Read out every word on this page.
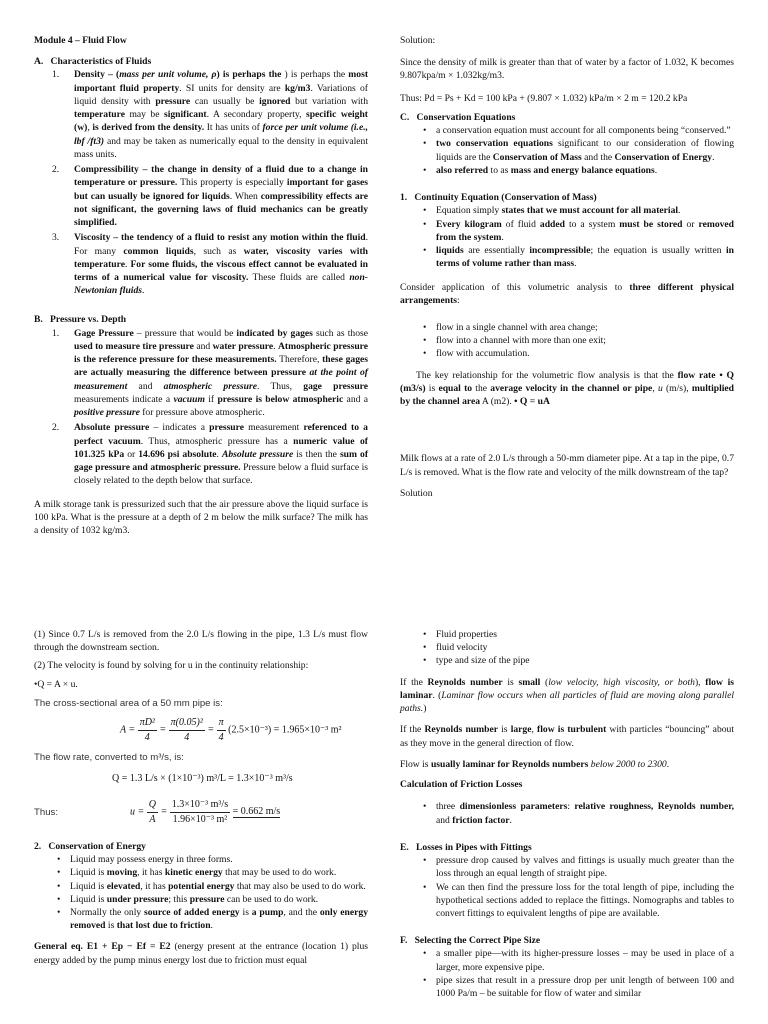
Module 4 – Fluid Flow

A. Characteristics of Fluids

1. Density – (mass per unit volume, ρ) is perhaps the ) is perhaps the most important fluid property. SI units for density are kg/m3. Variations of liquid density with pressure can usually be ignored but variation with temperature may be significant. A secondary property, specific weight (w), is derived from the density. It has units of force per unit volume (i.e., lbf /ft3) and may be taken as numerically equal to the density in equivalent mass units.
2. Compressibility – the change in density of a fluid due to a change in temperature or pressure. This property is especially important for gases but can usually be ignored for liquids. When compressibility effects are not significant, the governing laws of fluid mechanics can be greatly simplified.
3. Viscosity – the tendency of a fluid to resist any motion within the fluid. For many common liquids, such as water, viscosity varies with temperature. For some fluids, the viscous effect cannot be evaluated in terms of a numerical value for viscosity. These fluids are called non-Newtonian fluids.

B. Pressure vs. Depth

1. Gage Pressure – pressure that would be indicated by gages such as those used to measure tire pressure and water pressure. Atmospheric pressure is the reference pressure for these measurements. Therefore, these gages are actually measuring the difference between pressure at the point of measurement and atmospheric pressure. Thus, gage pressure measurements indicate a vacuum if pressure is below atmospheric and a positive pressure for pressure above atmospheric.
2. Absolute pressure – indicates a pressure measurement referenced to a perfect vacuum. Thus, atmospheric pressure has a numeric value of 101.325 kPa or 14.696 psi absolute. Absolute pressure is then the sum of gage pressure and atmospheric pressure. Pressure below a fluid surface is closely related to the depth below that surface.

A milk storage tank is pressurized such that the air pressure above the liquid surface is 100 kPa. What is the pressure at a depth of 2 m below the milk surface? The milk has a density of 1032 kg/m3.

Solution:

Since the density of milk is greater than that of water by a factor of 1.032, K becomes 9.807kpa/m × 1.032kg/m3.

Thus: Pd = Ps + Kd = 100 kPa + (9.807 × 1.032) kPa/m × 2 m = 120.2 kPa

C. Conservation Equations

• a conservation equation must account for all components being “conserved.”
• two conservation equations significant to our consideration of flowing liquids are the Conservation of Mass and the Conservation of Energy.
• also referred to as mass and energy balance equations.

1. Continuity Equation (Conservation of Mass)

• Equation simply states that we must account for all material.
• Every kilogram of fluid added to a system must be stored or removed from the system.
• liquids are essentially incompressible; the equation is usually written in terms of volume rather than mass.

Consider application of this volumetric analysis to three different physical arrangements:

• flow in a single channel with area change;
• flow into a channel with more than one exit;
• flow with accumulation.

The key relationship for the volumetric flow analysis is that the flow rate • Q (m3/s) is equal to the average velocity in the channel or pipe, u (m/s), multiplied by the channel area A (m2). • Q = uA

Milk flows at a rate of 2.0 L/s through a 50-mm diameter pipe. At a tap in the pipe, 0.7 L/s is removed. What is the flow rate and velocity of the milk downstream of the tap?

Solution

(1) Since 0.7 L/s is removed from the 2.0 L/s flowing in the pipe, 1.3 L/s must flow through the downstream section.

(2) The velocity is found by solving for u in the continuity relationship:

•Q = A × u.

The cross-sectional area of a 50 mm pipe is:

$A = \frac{\text{πD²}}{4} = \frac{\text{π(0.05)²}}{4} = \frac{\pi}{4} (2.5\times 10^{-3}) = 1.965\times 10^{-3}$ m²

The flow rate, converted to m³/s, is:

Q = 1.3 L/s × (1×10⁻³) m³/L = 1.3×10⁻³ m³/s
Thus:	$u = \frac{Q}{A} = \frac{\text{1.3×10⁻³ m³/s}}{\text{1.96×10⁻³ m²}} = 0.662$ m/s

2. Conservation of Energy

• Liquid may possess energy in three forms.
• Liquid is moving, it has kinetic energy that may be used to do work.
• Liquid is elevated, it has potential energy that may also be used to do work.
• Liquid is under pressure; this pressure can be used to do work.
• Normally the only source of added energy is a pump, and the only energy removed is that lost due to friction.

General eq. E1 + Ep − Ef = E2 (energy present at the entrance (location 1) plus energy added by the pump minus energy lost due to friction must equal

• Fluid properties
• fluid velocity
• type and size of the pipe

If the Reynolds number is small (low velocity, high viscosity, or both), flow is laminar. (Laminar flow occurs when all particles of fluid are moving along parallel paths.)

If the Reynolds number is large, flow is turbulent with particles “bouncing” about as they move in the general direction of flow.

Flow is usually laminar for Reynolds numbers below 2000 to 2300.

Calculation of Friction Losses

• three dimensionless parameters: relative roughness, Reynolds number, and friction factor.

E. Losses in Pipes with Fittings

• pressure drop caused by valves and fittings is usually much greater than the loss through an equal length of straight pipe.
• We can then find the pressure loss for the total length of pipe, including the hypothetical sections added to replace the fittings. Nomographs and tables to convert fittings to equivalent lengths of pipe are available.

F. Selecting the Correct Pipe Size

• a smaller pipe—with its higher-pressure losses – may be used in place of a larger, more expensive pipe.
• pipe sizes that result in a pressure drop per unit length of between 100 and 1000 Pa/m – be suitable for flow of water and similar
